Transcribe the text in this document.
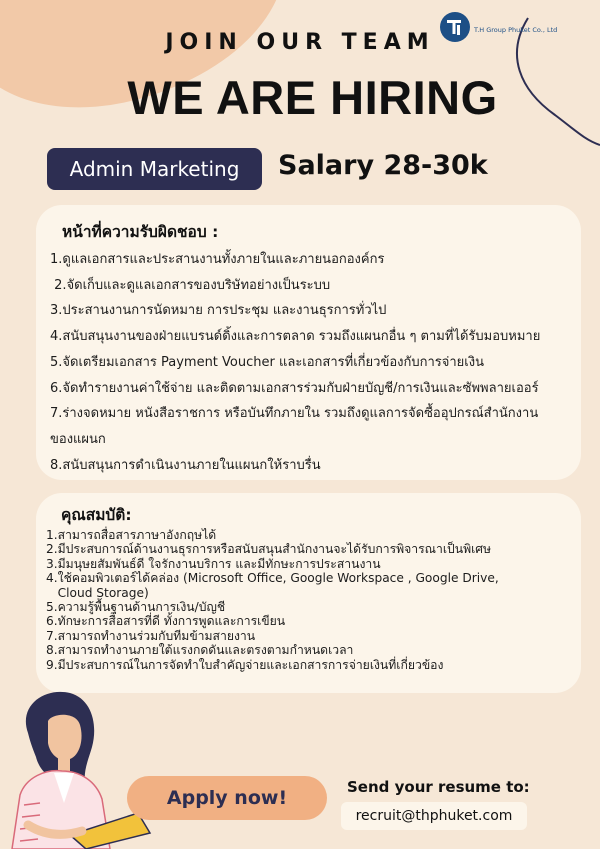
T.H Group Phuket Co., Ltd
JOIN OUR TEAM
WE ARE HIRING
Admin Marketing	Salary 28-30k
หน้าที่ความรับผิดชอบ :
1.ดูแลเอกสารและประสานงานทั้งภายในและภายนอกองค์กร
2.จัดเก็บและดูแลเอกสารของบริษัทอย่างเป็นระบบ
3.ประสานงานการนัดหมาย การประชุม และงานธุรการทั่วไป
4.สนับสนุนงานของฝ่ายแบรนด์ดิ้งและการตลาด รวมถึงแผนกอื่น ๆ ตามที่ได้รับมอบหมาย
5.จัดเตรียมเอกสาร Payment Voucher และเอกสารที่เกี่ยวข้องกับการจ่ายเงิน
6.จัดทำรายงานค่าใช้จ่าย และติดตามเอกสารร่วมกับฝ่ายบัญชี/การเงินและซัพพลายเออร์
7.ร่างจดหมาย หนังสือราชการ หรือบันทึกภายใน รวมถึงดูแลการจัดซื้ออุปกรณ์สำนักงาน
ของแผนก
8.สนับสนุนการดำเนินงานภายในแผนกให้ราบรื่น
คุณสมบัติ:
1.สามารถสื่อสารภาษาอังกฤษได้
2.มีประสบการณ์ด้านงานธุรการหรือสนับสนุนสำนักงานจะได้รับการพิจารณาเป็นพิเศษ
3.มีมนุษยสัมพันธ์ดี ใจรักงานบริการ และมีทักษะการประสานงาน
4.ใช้คอมพิวเตอร์ได้คล่อง (Microsoft Office, Google Workspace , Google Drive,
Cloud Storage)
5.ความรู้พื้นฐานด้านการเงิน/บัญชี
6.ทักษะการสื่อสารที่ดี ทั้งการพูดและการเขียน
7.สามารถทำงานร่วมกับทีมข้ามสายงาน
8.สามารถทำงานภายใต้แรงกดดันและตรงตามกำหนดเวลา
9.มีประสบการณ์ในการจัดทำใบสำคัญจ่ายและเอกสารการจ่ายเงินที่เกี่ยวข้อง
Apply now!	Send your resume to:
recruit@thphuket.com
